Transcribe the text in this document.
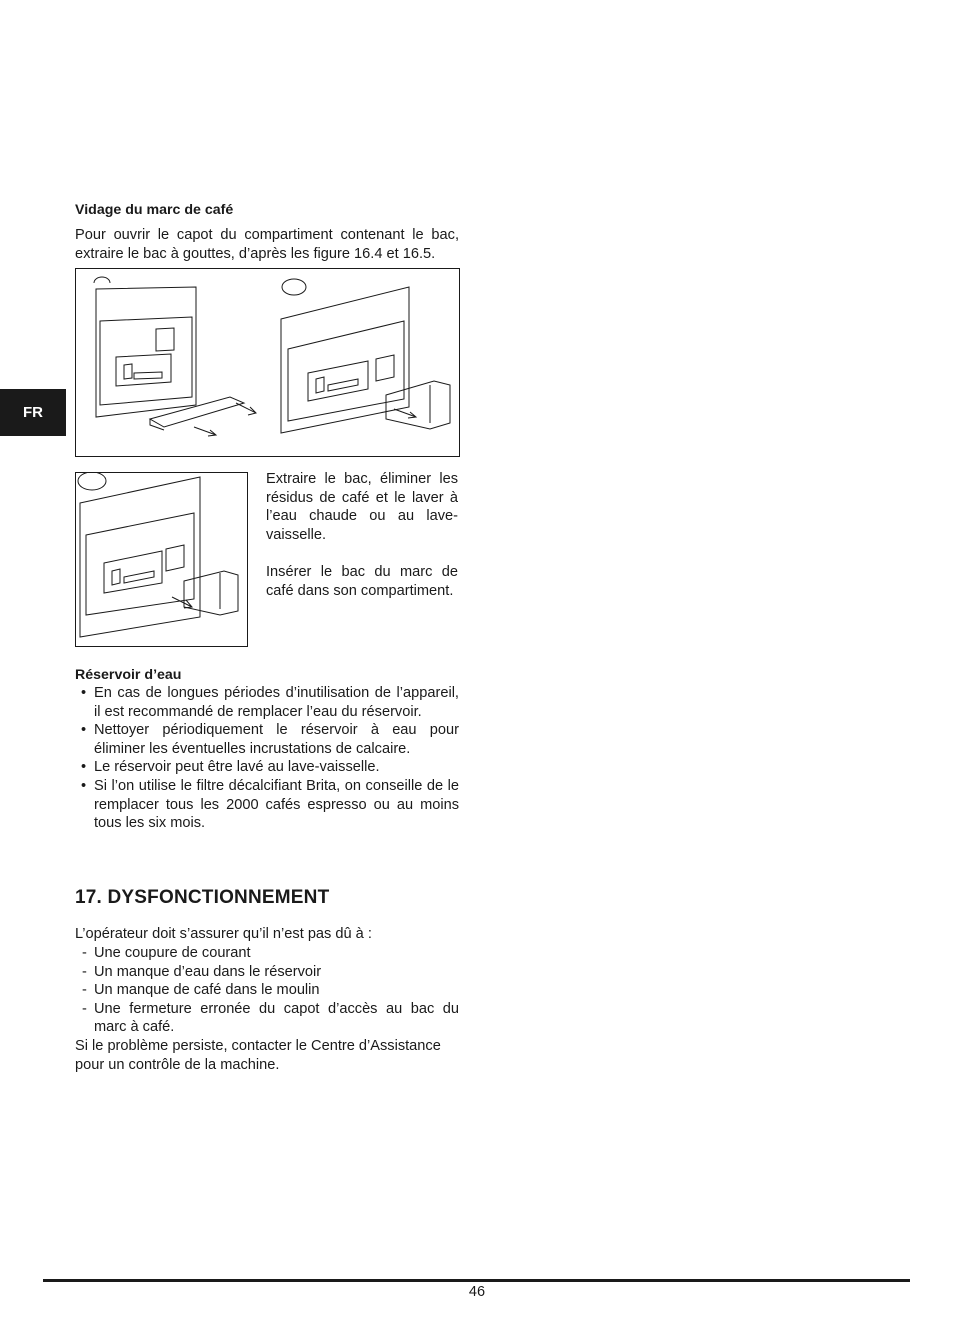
FR
Vidage du marc de café
Pour ouvrir le capot du compartiment contenant le bac, extraire le bac à gouttes, d’après les figure 16.4 et 16.5.
Extraire le bac, éliminer les résidus de café et le laver à l’eau chaude ou au lave-vaisselle.
Insérer le bac du marc de café dans son compartiment.
Réservoir d’eau
• En cas de longues périodes d’inutilisation de l’appareil, il est recommandé de remplacer l’eau du réservoir.
• Nettoyer périodiquement le réservoir à eau pour éliminer les éventuelles incrustations de calcaire.
• Le réservoir peut être lavé au lave-vaisselle.
• Si l’on utilise le filtre décalcifiant Brita, on conseille de le remplacer tous les 2000 cafés espresso ou au moins tous les six mois.
17. DYSFONCTIONNEMENT
L’opérateur doit s’assurer qu’il n’est pas dû à :
- Une coupure de courant
- Un manque d’eau dans le réservoir
- Un manque de café dans le moulin
- Une fermeture erronée du capot d’accès au bac du marc à café.
Si le problème persiste, contacter le Centre d’Assistance pour un contrôle de la machine.
46
